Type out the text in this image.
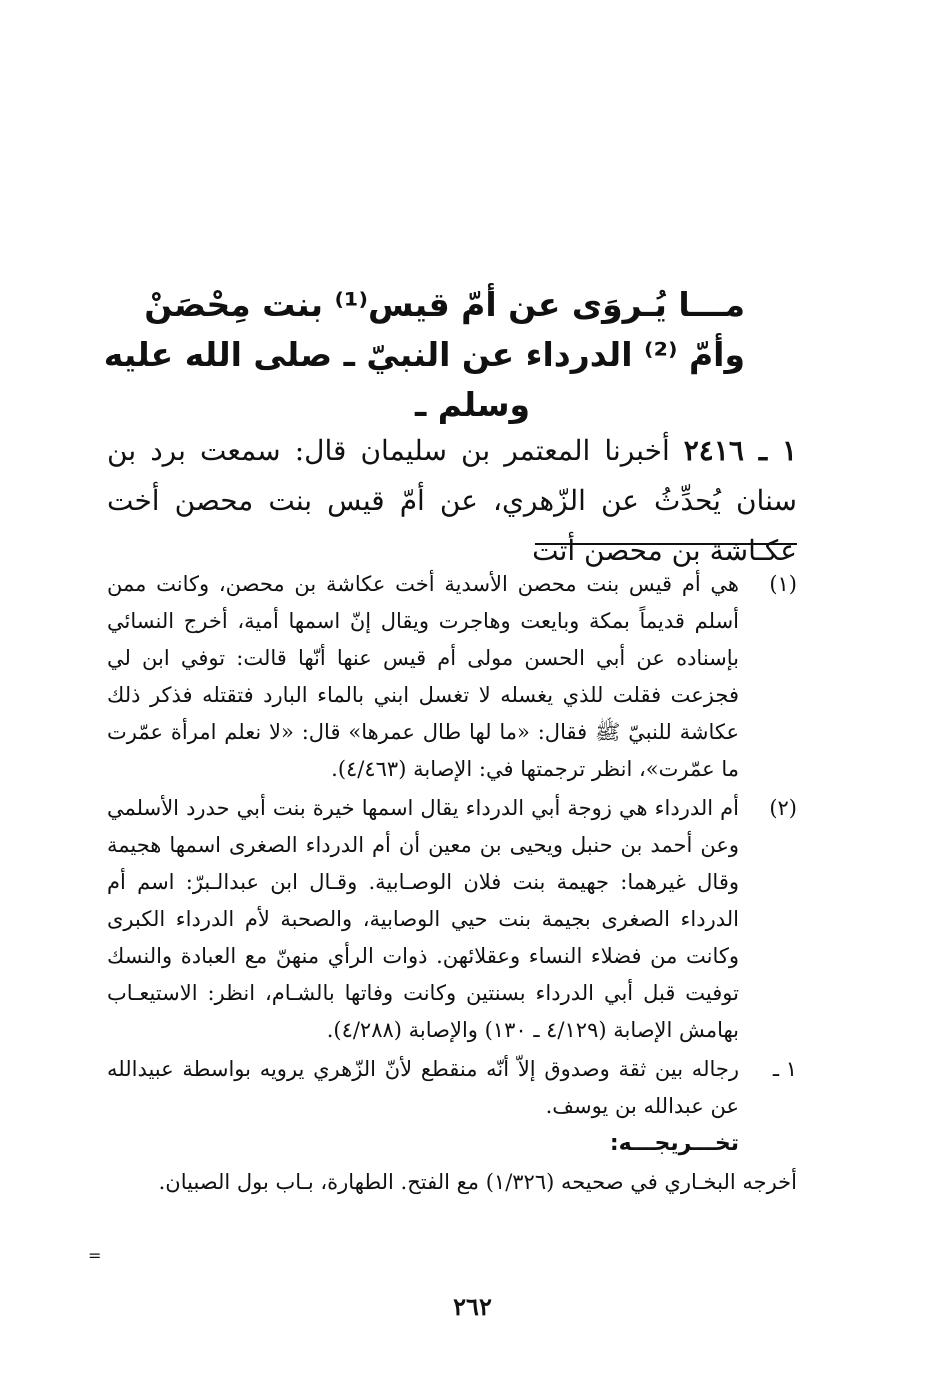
مـــا يُـروَى عن أمّ قيس⁽¹⁾ بنت مِحْصَنْ
وأمّ ⁽²⁾ الدرداء عن النبيّ ـ صلى الله عليه
وسلم ـ
١ ـ ٢٤١٦أخبرنا المعتمر بن سليمان قال: سمعت برد بن سنان يُحدِّثُ عن الزّهري، عن أمّ قيس بنت محصن أخت عكـاشة بن محصن أتت
(١)
هي أم قيس بنت محصن الأسدية أخت عكاشة بن محصن، وكانت ممن أسلم قديماً بمكة وبايعت وهاجرت ويقال إنّ اسمها أمية، أخرج النسائي بإسناده عن أبي الحسن مولى أم قيس عنها أنّها قالت: توفي ابن لي فجزعت فقلت للذي يغسله لا تغسل ابني بالماء البارد فتقتله فذكر ذلك عكاشة للنبيّ ﷺ فقال: «ما لها طال عمرها» قال: «لا نعلم امرأة عمّرت ما عمّرت»، انظر ترجمتها في: الإصابة (٤/٤٦٣).
(٢)
أم الدرداء هي زوجة أبي الدرداء يقال اسمها خيرة بنت أبي حدرد الأسلمي وعن أحمد بن حنبل ويحيى بن معين أن أم الدرداء الصغرى اسمها هجيمة وقال غيرهما: جهيمة بنت فلان الوصـابية. وقـال ابن عبدالـبرّ: اسم أم الدرداء الصغرى بجيمة بنت حيي الوصابية، والصحبة لأم الدرداء الكبرى وكانت من فضلاء النساء وعقلائهن. ذوات الرأي منهنّ مع العبادة والنسك توفيت قبل أبي الدرداء بسنتين وكانت وفاتها بالشـام، انظر: الاستيعـاب بهامش الإصابة (٤/١٢٩ ـ ١٣٠) والإصابة (٤/٢٨٨).
١ ـ
رجاله بين ثقة وصدوق إلاّ أنّه منقطع لأنّ الزّهري يرويه بواسطة عبيدالله عن عبدالله بن يوسف.
تخـــريجـــه:
أخرجه البخـاري في صحيحه (١/٣٢٦) مع الفتح. الطهارة، بـاب بول الصبيان.
=
٢٦٢
